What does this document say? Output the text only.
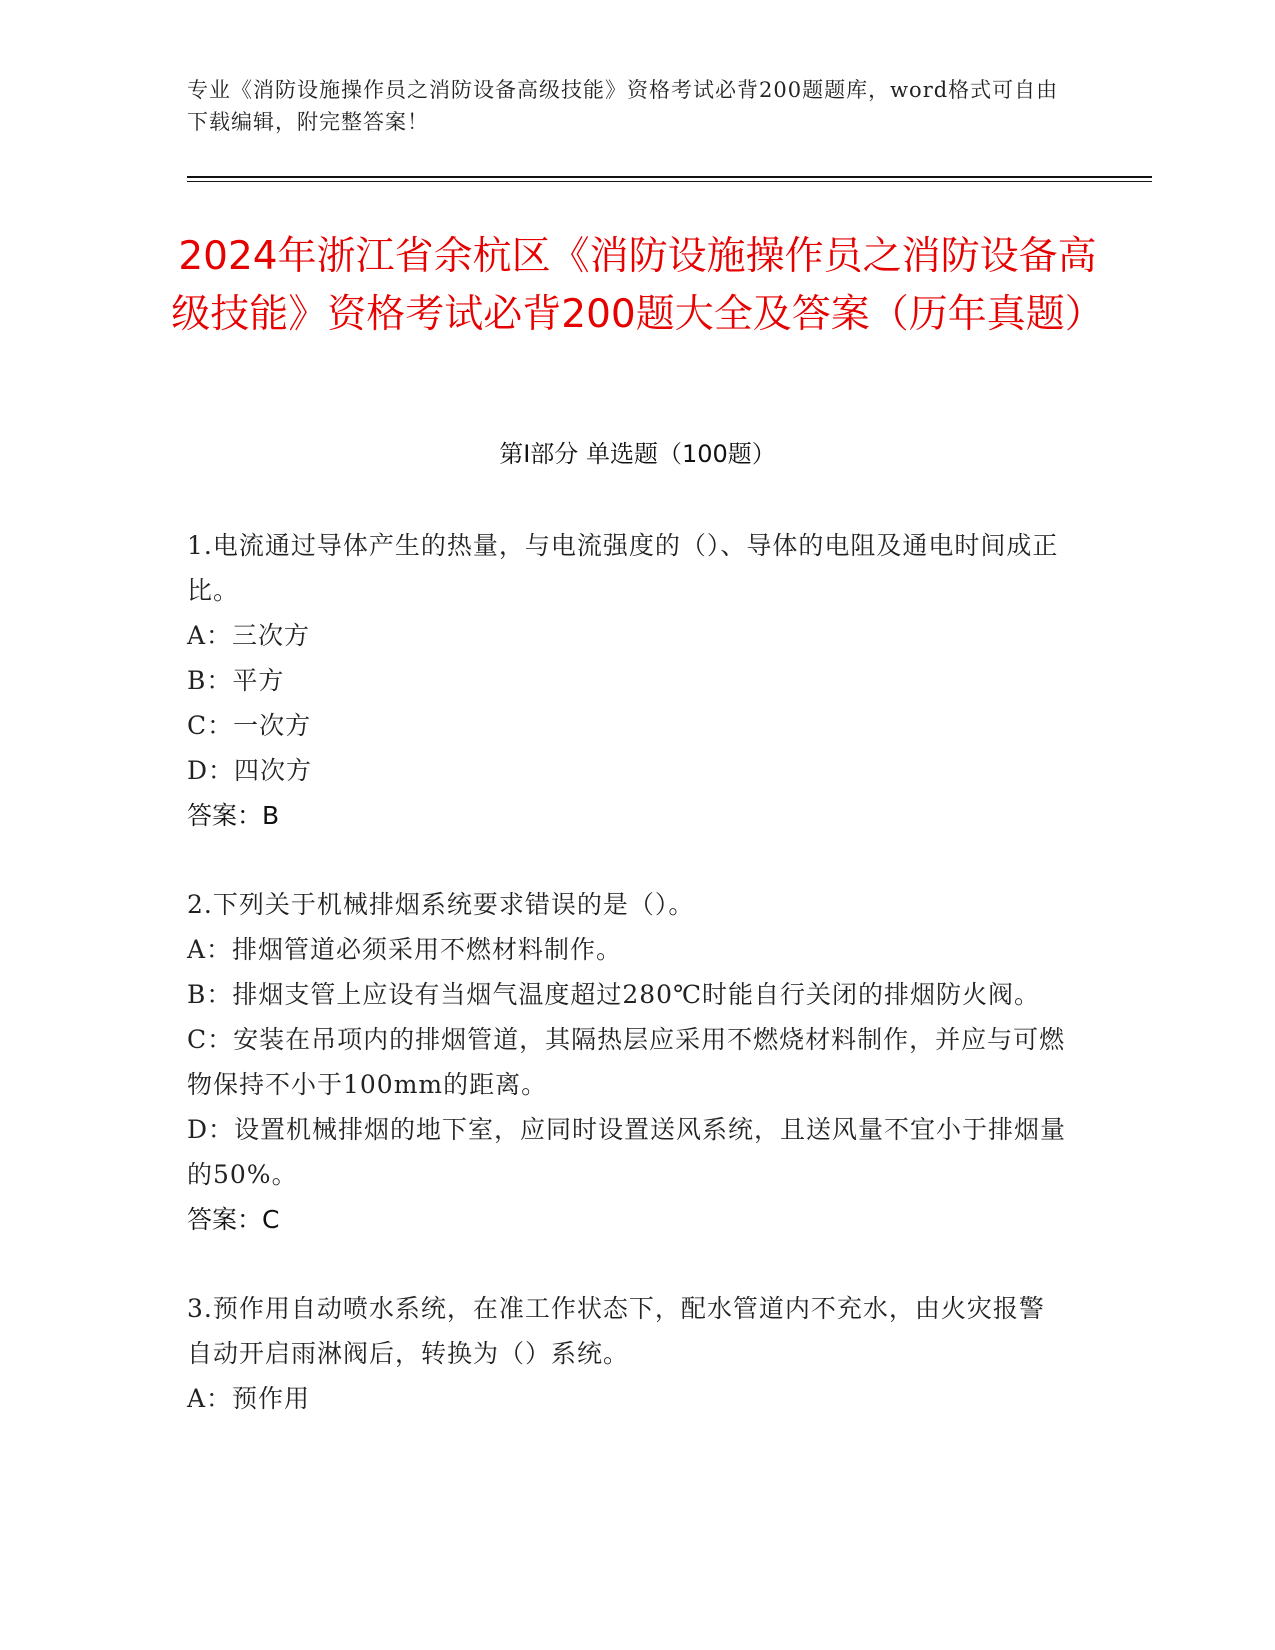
专业《消防设施操作员之消防设备高级技能》资格考试必背200题题库，word格式可自由下载编辑，附完整答案！
2024年浙江省余杭区《消防设施操作员之消防设备高级技能》资格考试必背200题大全及答案（历年真题）
第Ⅰ部分 单选题（100题）

1.电流通过导体产生的热量，与电流强度的（）、导体的电阻及通电时间成正比。

A：三次方

B：平方

C：一次方

D：四次方

答案：B

2.下列关于机械排烟系统要求错误的是（）。

A：排烟管道必须采用不燃材料制作。

B：排烟支管上应设有当烟气温度超过280℃时能自行关闭的排烟防火阀。

C：安装在吊项内的排烟管道，其隔热层应采用不燃烧材料制作，并应与可燃物保持不小于100mm的距离。

D：设置机械排烟的地下室，应同时设置送风系统，且送风量不宜小于排烟量的50%。

答案：C

3.预作用自动喷水系统，在准工作状态下，配水管道内不充水，由火灾报警自动开启雨淋阀后，转换为（）系统。

A：预作用
